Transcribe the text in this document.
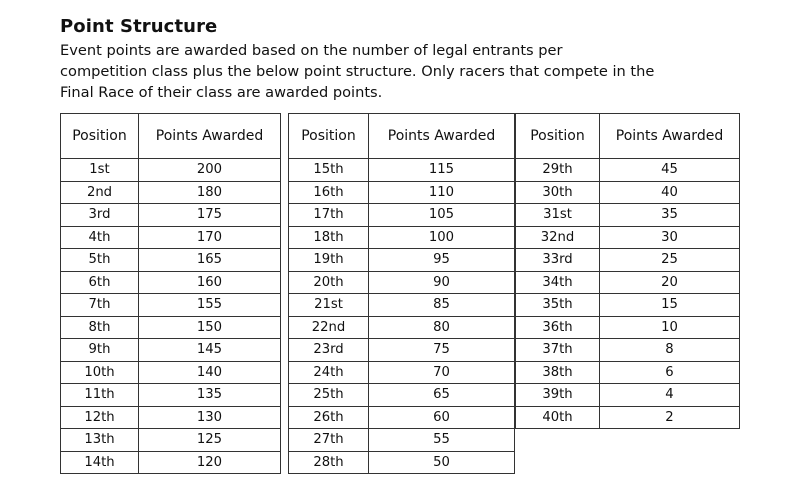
Point Structure
Event points are awarded based on the number of legal entrants per
competition class plus the below point structure. Only racers that compete in the
Final Race of their class are awarded points.
Position	Points Awarded
1st	200
2nd	180
3rd	175
4th	170
5th	165
6th	160
7th	155
8th	150
9th	145
10th	140
11th	135
12th	130
13th	125
14th	120
Position	Points Awarded
15th	115
16th	110
17th	105
18th	100
19th	95
20th	90
21st	85
22nd	80
23rd	75
24th	70
25th	65
26th	60
27th	55
28th	50
Position	Points Awarded
29th	45
30th	40
31st	35
32nd	30
33rd	25
34th	20
35th	15
36th	10
37th	8
38th	6
39th	4
40th	2
